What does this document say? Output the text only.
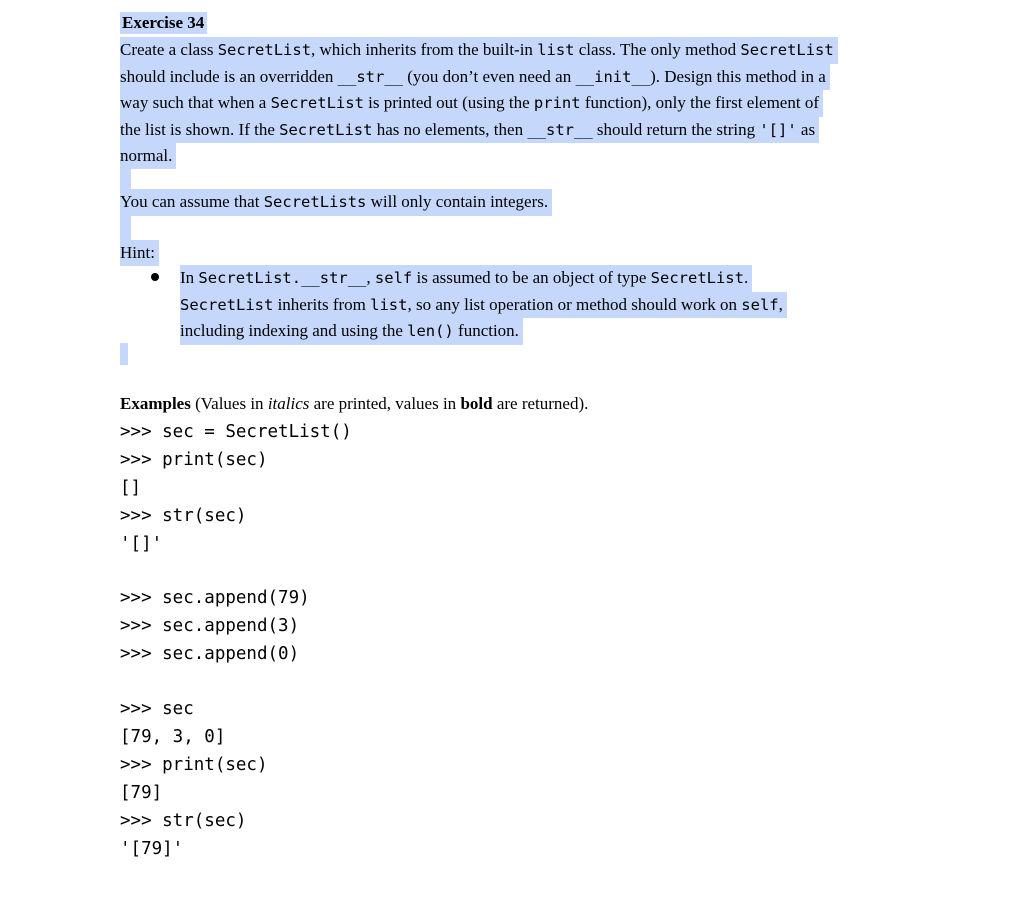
Exercise 34
Create a class SecretList, which inherits from the built-in list class. The only method SecretList
should include is an overridden __str__ (you don’t even need an __init__). Design this method in a
way such that when a SecretList is printed out (using the print function), only the first element of
the list is shown. If the SecretList has no elements, then __str__ should return the string '[]' as
normal.
You can assume that SecretLists will only contain integers.
Hint:
In SecretList.__str__, self is assumed to be an object of type SecretList.
SecretList inherits from list, so any list operation or method should work on self,
including indexing and using the len() function.
Examples (Values in italics are printed, values in bold are returned).

>>> sec = SecretList()

>>> print(sec)

[]

>>> str(sec)

'[]'

>>> sec.append(79)

>>> sec.append(3)

>>> sec.append(0)

>>> sec

[79, 3, 0]

>>> print(sec)

[79]

>>> str(sec)

'[79]'
